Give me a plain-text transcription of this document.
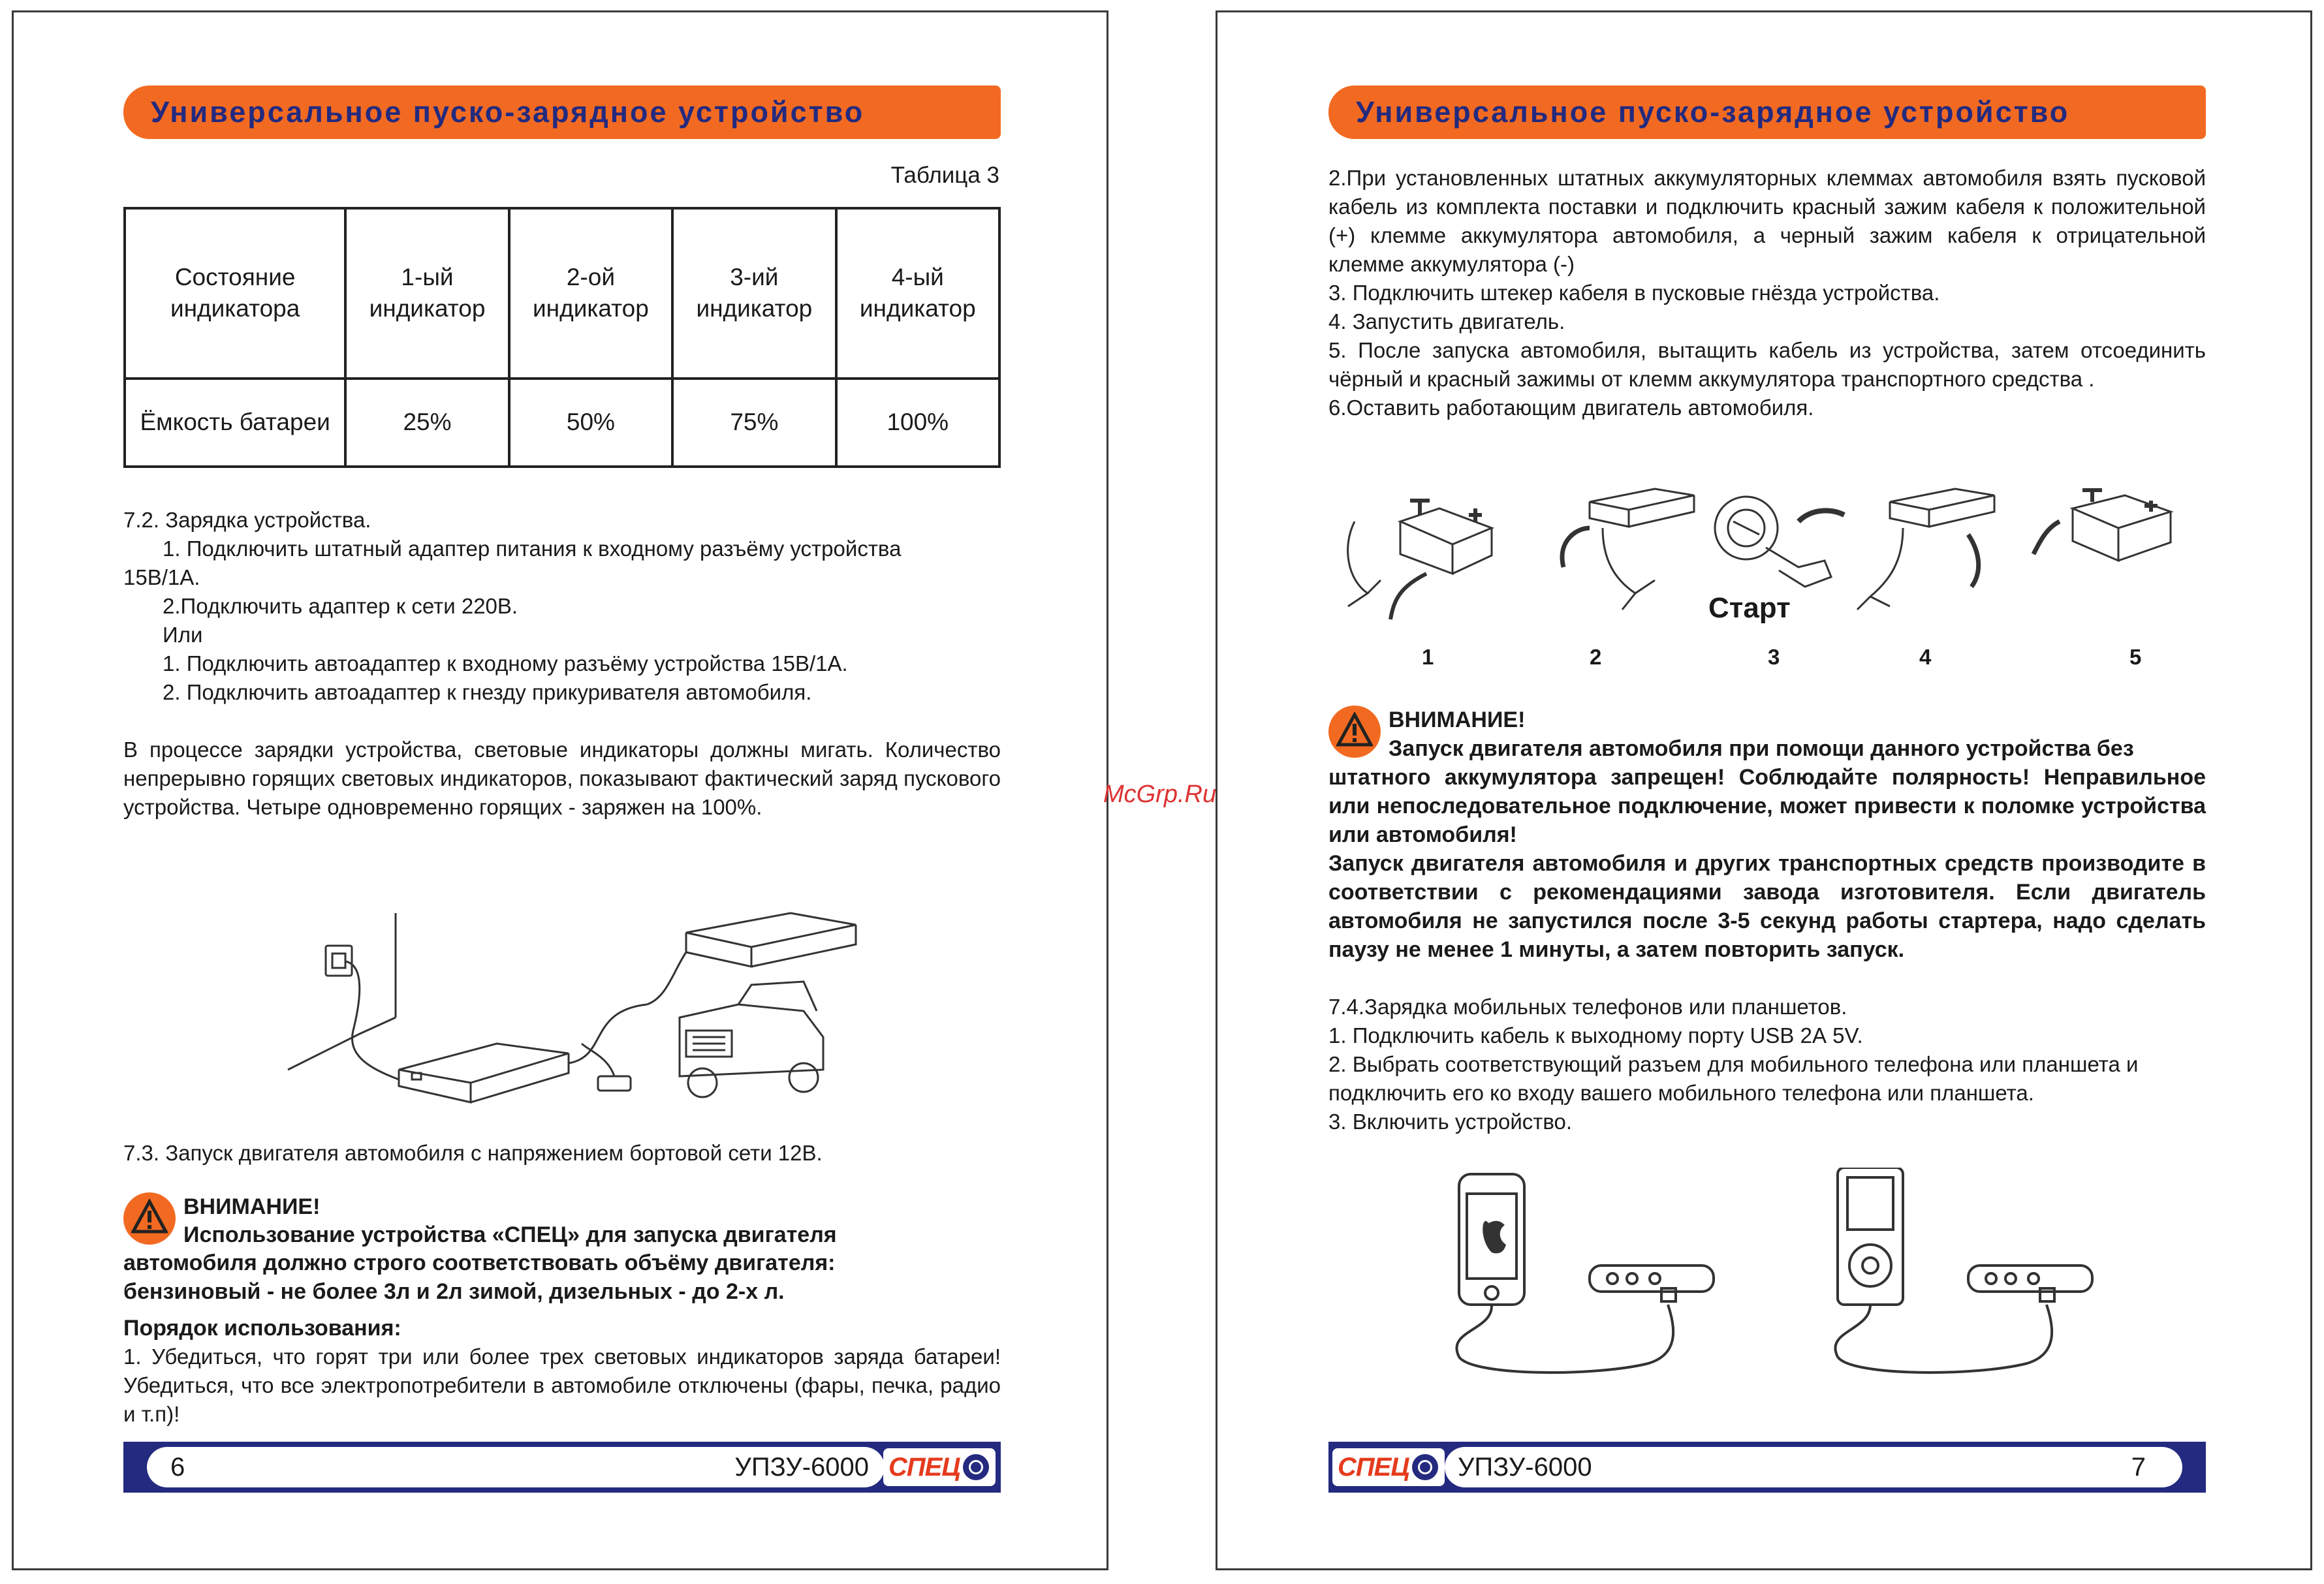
Универсальное пуско-зарядное устройство
Таблица 3
Состояние индикатора	1-ый индикатор	2-ой индикатор	3-ий индикатор	4-ый индикатор
Ёмкость батареи	25%	50%	75%	100%
7.2. Зарядка устройства.
1. Подключить штатный адаптер питания к входному разъёму устройства
15В/1А.
2.Подключить адаптер к сети 220В.
Или
1. Подключить автоадаптер к входному разъёму устройства 15В/1А.
2. Подключить автоадаптер к гнезду прикуривателя автомобиля.
В процессе зарядки устройства, световые индикаторы должны мигать. Количество непрерывно горящих световых индикаторов, показывают фактический заряд пускового устройства. Четыре одновременно горящих - заряжен на 100%.
7.3. Запуск двигателя автомобиля с напряжением бортовой сети 12В.
ВНИМАНИЕ!
Использование устройства «СПЕЦ» для запуска двигателя
автомобиля должно строго соответствовать объёму двигателя: бензиновый - не более 3л и 2л зимой, дизельных - до 2-х л.
Порядок использования:
1. Убедиться, что горят три или более трех световых индикаторов заряда батареи! Убедиться, что все электропотребители в автомобиле отключены (фары, печка, радио и т.п)!
6	УПЗУ-6000 СПЕЦ
Универсальное пуско-зарядное устройство
2.При установленных штатных аккумуляторных клеммах автомобиля взять пусковой кабель из комплекта поставки и подключить красный зажим кабеля к положительной (+) клемме аккумулятора автомобиля, а черный зажим кабеля к отрицательной клемме аккумулятора (-)
3. Подключить штекер кабеля в пусковые гнёзда устройства.
4. Запустить двигатель.
5. После запуска автомобиля, вытащить кабель из устройства, затем отсоединить чёрный и красный зажимы от клемм аккумулятора транспортного средства .
6.Оставить работающим двигатель автомобиля.
Старт
1	2	3	4	5
ВНИМАНИЕ!
Запуск двигателя автомобиля при помощи данного устройства без
штатного аккумулятора запрещен! Соблюдайте полярность! Неправильное или непоследовательное подключение, может привести к поломке устройства или автомобиля!
Запуск двигателя автомобиля и других транспортных средств производите в соответствии с рекомендациями завода изготовителя. Если двигатель автомобиля не запустился после 3-5 секунд работы стартера, надо сделать паузу не менее 1 минуты, а затем повторить запуск.
7.4.Зарядка мобильных телефонов или планшетов.
1. Подключить кабель к выходному порту USB 2А 5V.
2. Выбрать соответствующий разъем для мобильного телефона или планшета и подключить его ко входу вашего мобильного телефона или планшета.
3. Включить устройство.
СПЕЦ УПЗУ-6000	7
McGrp.Ru
